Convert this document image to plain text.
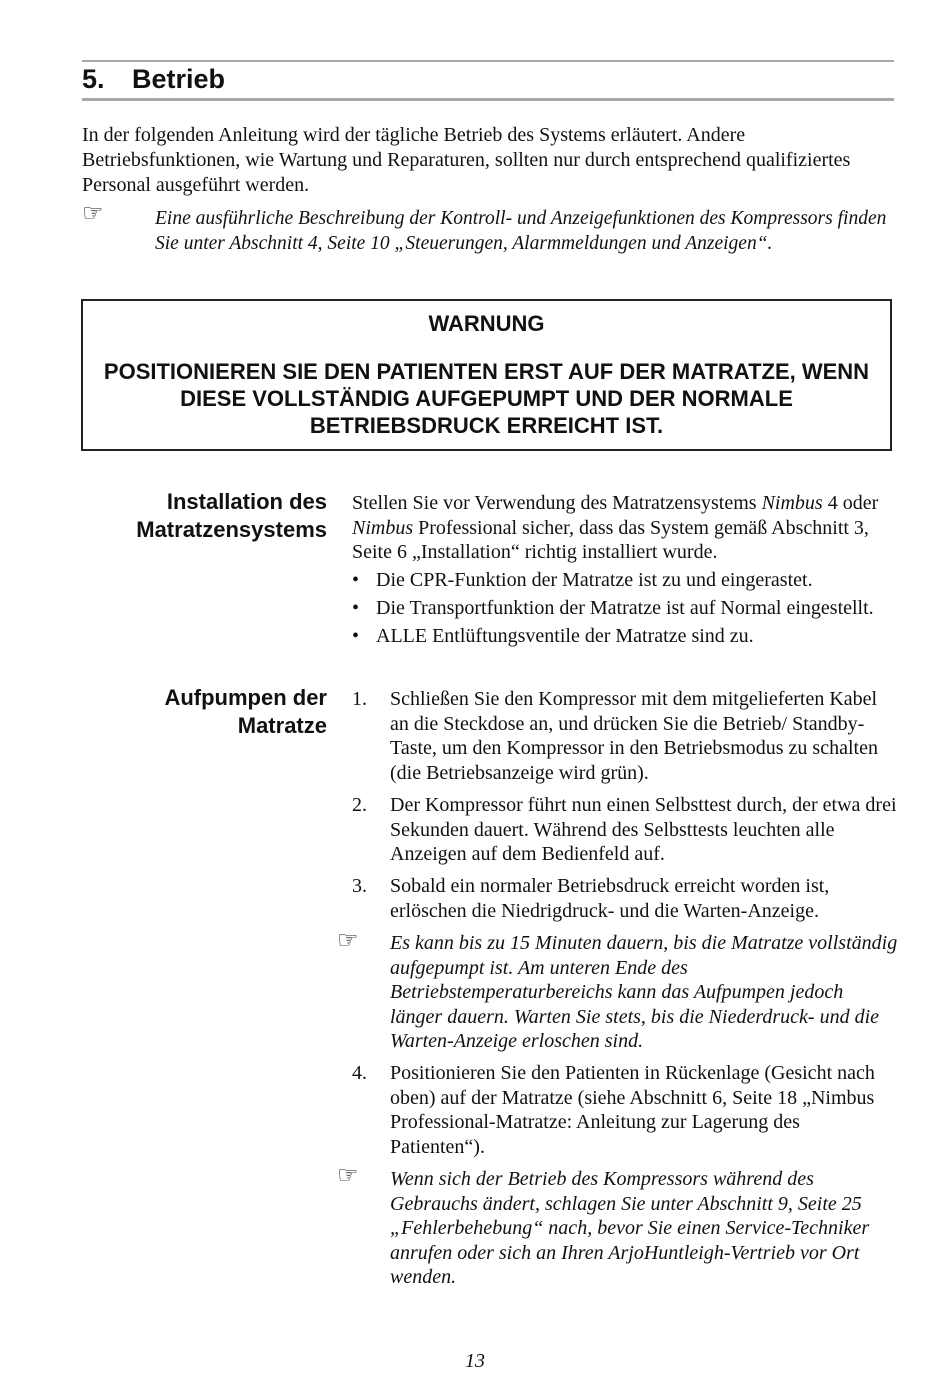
5. Betrieb
In der folgenden Anleitung wird der tägliche Betrieb des Systems erläutert. Andere Betriebsfunktionen, wie Wartung und Reparaturen, sollten nur durch entsprechend qualifiziertes Personal ausgeführt werden.
☞	Eine ausführliche Beschreibung der Kontroll- und Anzeigefunktionen des Kompressors finden Sie unter Abschnitt 4, Seite 10 „Steuerungen, Alarmmeldungen und Anzeigen“.
WARNUNG
POSITIONIEREN SIE DEN PATIENTEN ERST AUF DER MATRATZE, WENN DIESE VOLLSTÄNDIG AUFGEPUMPT UND DER NORMALE BETRIEBSDRUCK ERREICHT IST.
Installation des
Matratzensystems
Stellen Sie vor Verwendung des Matratzensystems Nimbus 4 oder Nimbus Professional sicher, dass das System gemäß Abschnitt 3, Seite 6 „Installation“ richtig installiert wurde.
• Die CPR-Funktion der Matratze ist zu und eingerastet.
• Die Transportfunktion der Matratze ist auf Normal eingestellt.
• ALLE Entlüftungsventile der Matratze sind zu.
Aufpumpen der
Matratze
1.	Schließen Sie den Kompressor mit dem mitgelieferten Kabel an die Steckdose an, und drücken Sie die Betrieb/ Standby-Taste, um den Kompressor in den Betriebsmodus zu schalten (die Betriebsanzeige wird grün).
2.	Der Kompressor führt nun einen Selbsttest durch, der etwa drei Sekunden dauert. Während des Selbsttests leuchten alle Anzeigen auf dem Bedienfeld auf.
3.	Sobald ein normaler Betriebsdruck erreicht worden ist, erlöschen die Niedrigdruck- und die Warten-Anzeige.
☞ Es kann bis zu 15 Minuten dauern, bis die Matratze vollständig aufgepumpt ist. Am unteren Ende des Betriebstemperaturbereichs kann das Aufpumpen jedoch länger dauern. Warten Sie stets, bis die Niederdruck- und die Warten-Anzeige erloschen sind.
4.	Positionieren Sie den Patienten in Rückenlage (Gesicht nach oben) auf der Matratze (siehe Abschnitt 6, Seite 18 „Nimbus Professional-Matratze: Anleitung zur Lagerung des Patienten“).
☞ Wenn sich der Betrieb des Kompressors während des Gebrauchs ändert, schlagen Sie unter Abschnitt 9, Seite 25 „Fehlerbehebung“ nach, bevor Sie einen Service-Techniker anrufen oder sich an Ihren ArjoHuntleigh-Vertrieb vor Ort wenden.
13
